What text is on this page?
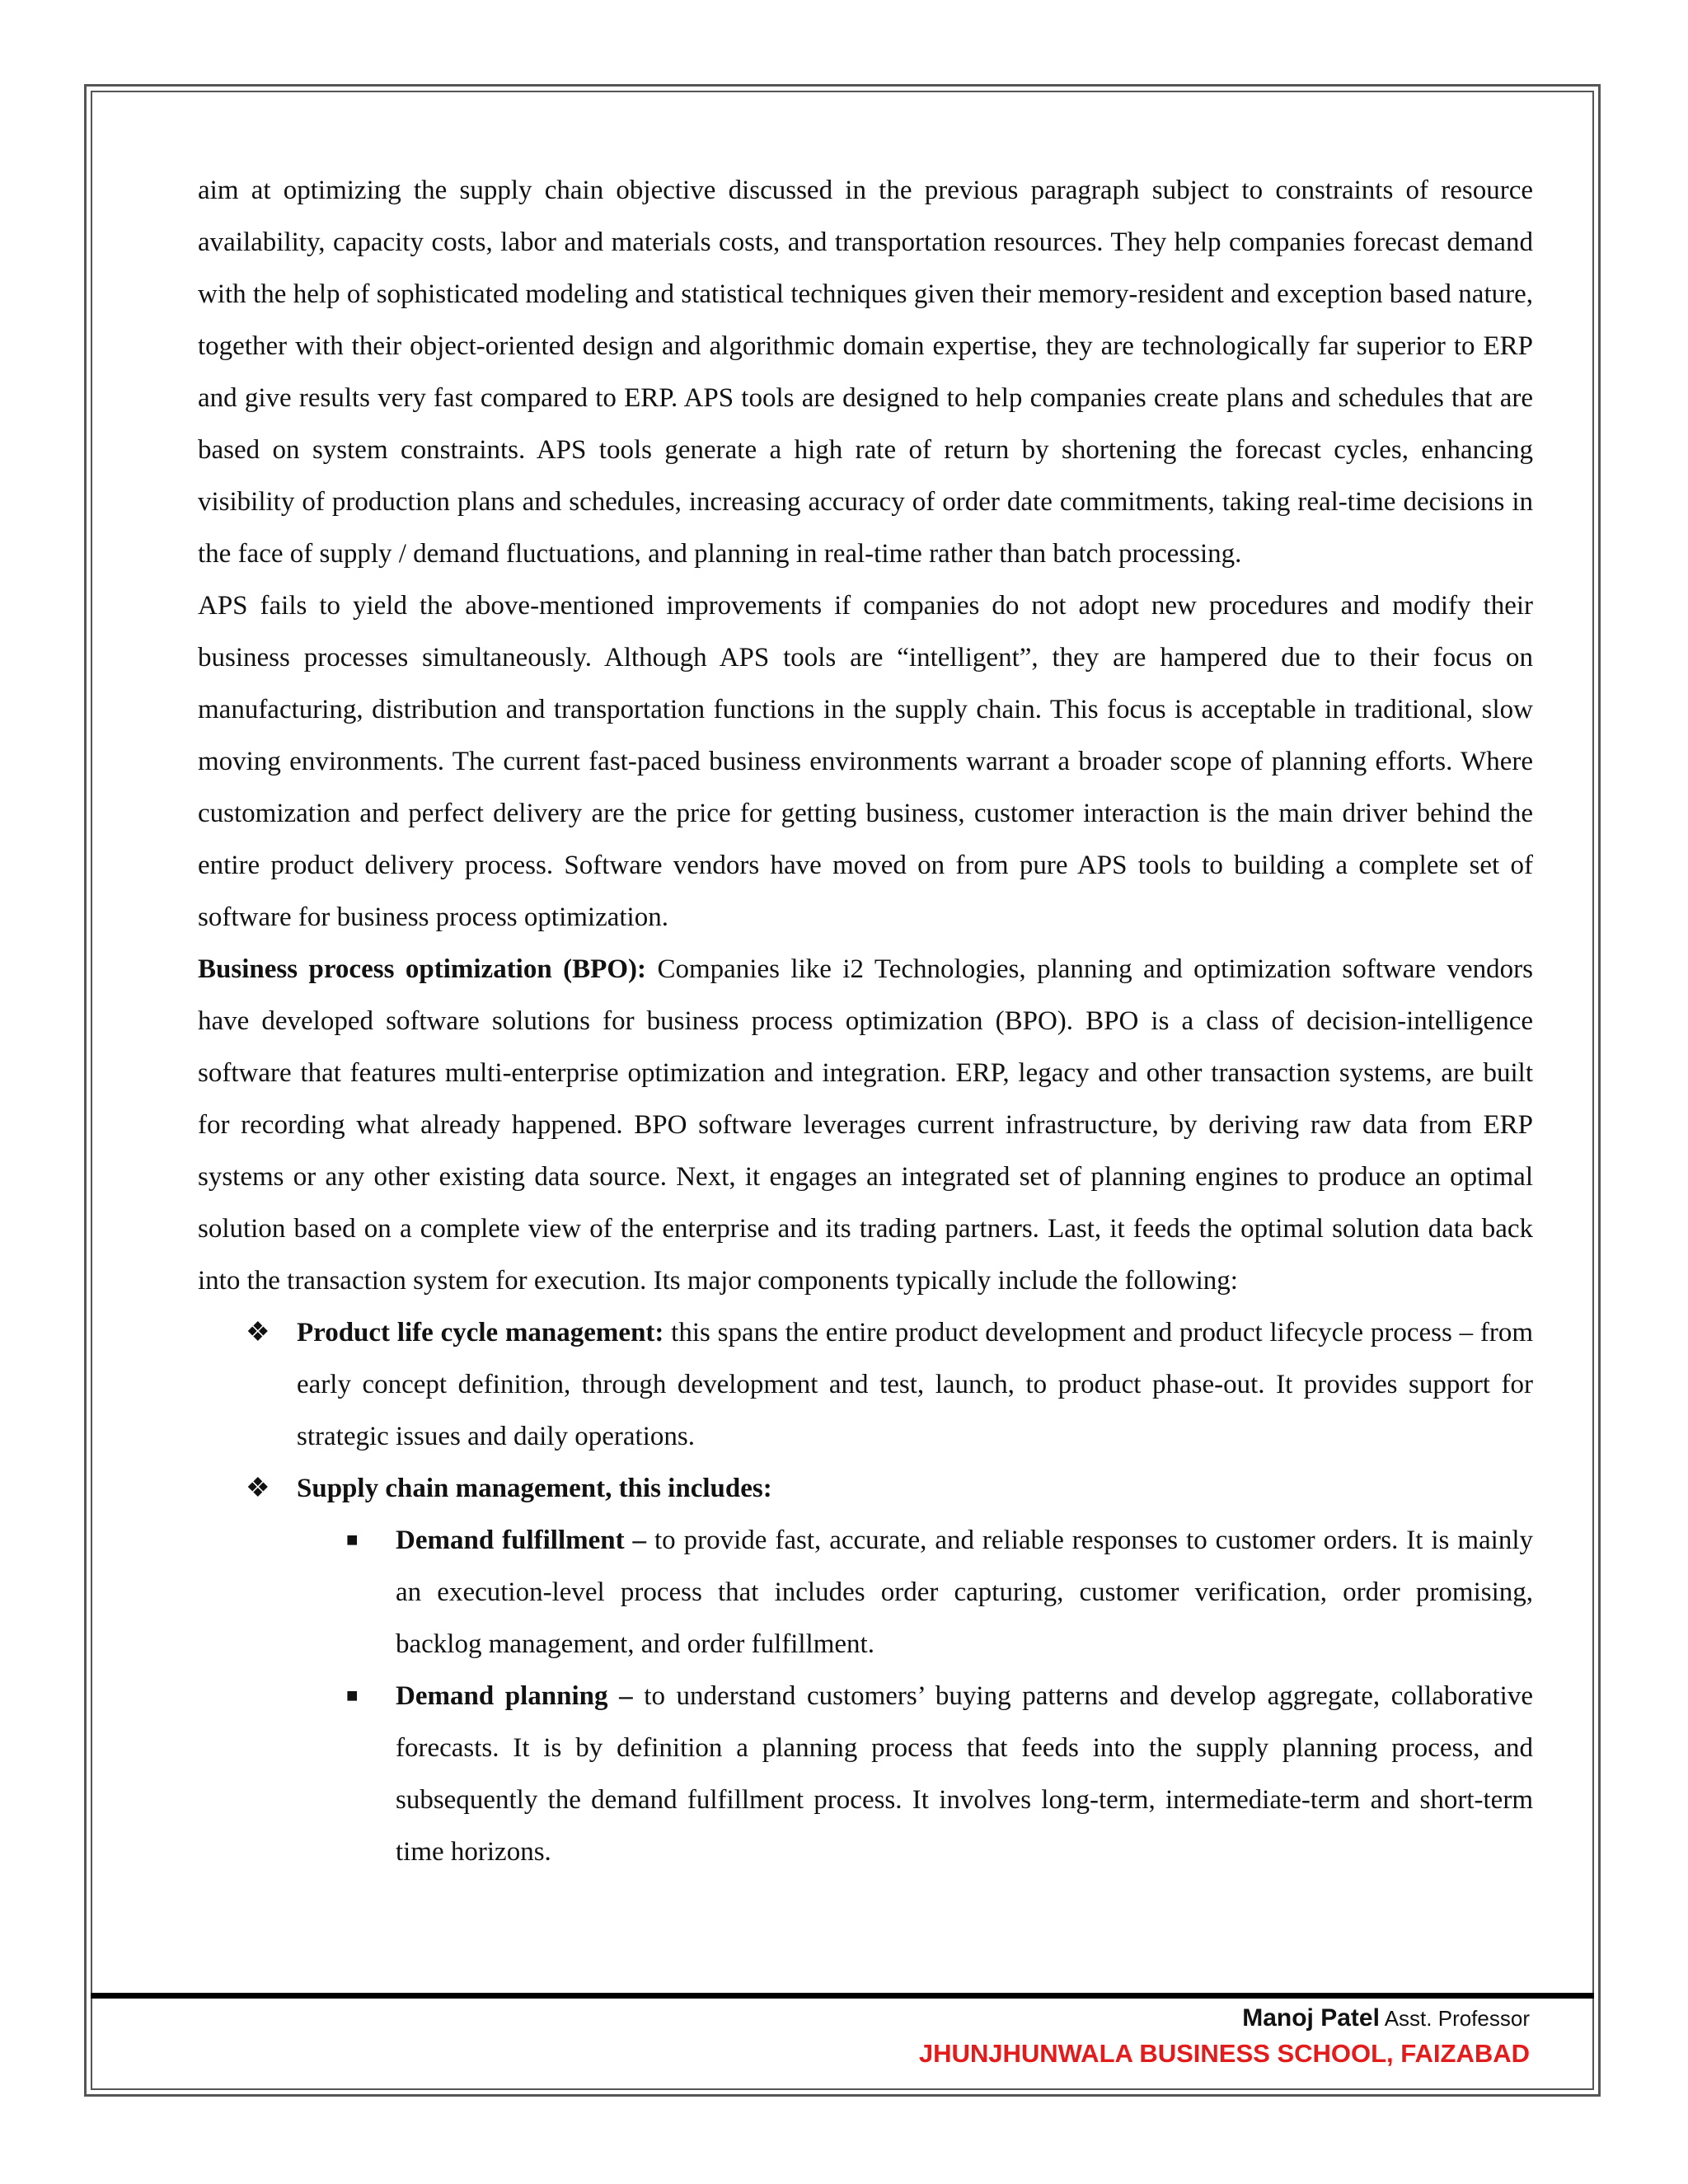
aim at optimizing the supply chain objective discussed in the previous paragraph subject to constraints of resource availability, capacity costs, labor and materials costs, and transportation resources. They help companies forecast demand with the help of sophisticated modeling and statistical techniques given their memory-resident and exception based nature, together with their object-oriented design and algorithmic domain expertise, they are technologically far superior to ERP and give results very fast compared to ERP. APS tools are designed to help companies create plans and schedules that are based on system constraints. APS tools generate a high rate of return by shortening the forecast cycles, enhancing visibility of production plans and schedules, increasing accuracy of order date commitments, taking real-time decisions in the face of supply / demand fluctuations, and planning in real-time rather than batch processing.

APS fails to yield the above-mentioned improvements if companies do not adopt new procedures and modify their business processes simultaneously. Although APS tools are “intelligent”, they are hampered due to their focus on manufacturing, distribution and transportation functions in the supply chain. This focus is acceptable in traditional, slow moving environments. The current fast-paced business environments warrant a broader scope of planning efforts. Where customization and perfect delivery are the price for getting business, customer interaction is the main driver behind the entire product delivery process. Software vendors have moved on from pure APS tools to building a complete set of software for business process optimization.

Business process optimization (BPO): Companies like i2 Technologies, planning and optimization software vendors have developed software solutions for business process optimization (BPO). BPO is a class of decision-intelligence software that features multi-enterprise optimization and integration. ERP, legacy and other transaction systems, are built for recording what already happened. BPO software leverages current infrastructure, by deriving raw data from ERP systems or any other existing data source. Next, it engages an integrated set of planning engines to produce an optimal solution based on a complete view of the enterprise and its trading partners. Last, it feeds the optimal solution data back into the transaction system for execution. Its major components typically include the following:

❖ Product life cycle management: this spans the entire product development and product lifecycle process – from early concept definition, through development and test, launch, to product phase-out. It provides support for strategic issues and daily operations.
❖ Supply chain management, this includes:
■ Demand fulfillment – to provide fast, accurate, and reliable responses to customer orders. It is mainly an execution-level process that includes order capturing, customer verification, order promising, backlog management, and order fulfillment.
■ Demand planning – to understand customers’ buying patterns and develop aggregate, collaborative forecasts. It is by definition a planning process that feeds into the supply planning process, and subsequently the demand fulfillment process. It involves long-term, intermediate-term and short-term time horizons.
Manoj Patel Asst. Professor
JHUNJHUNWALA BUSINESS SCHOOL, FAIZABAD
